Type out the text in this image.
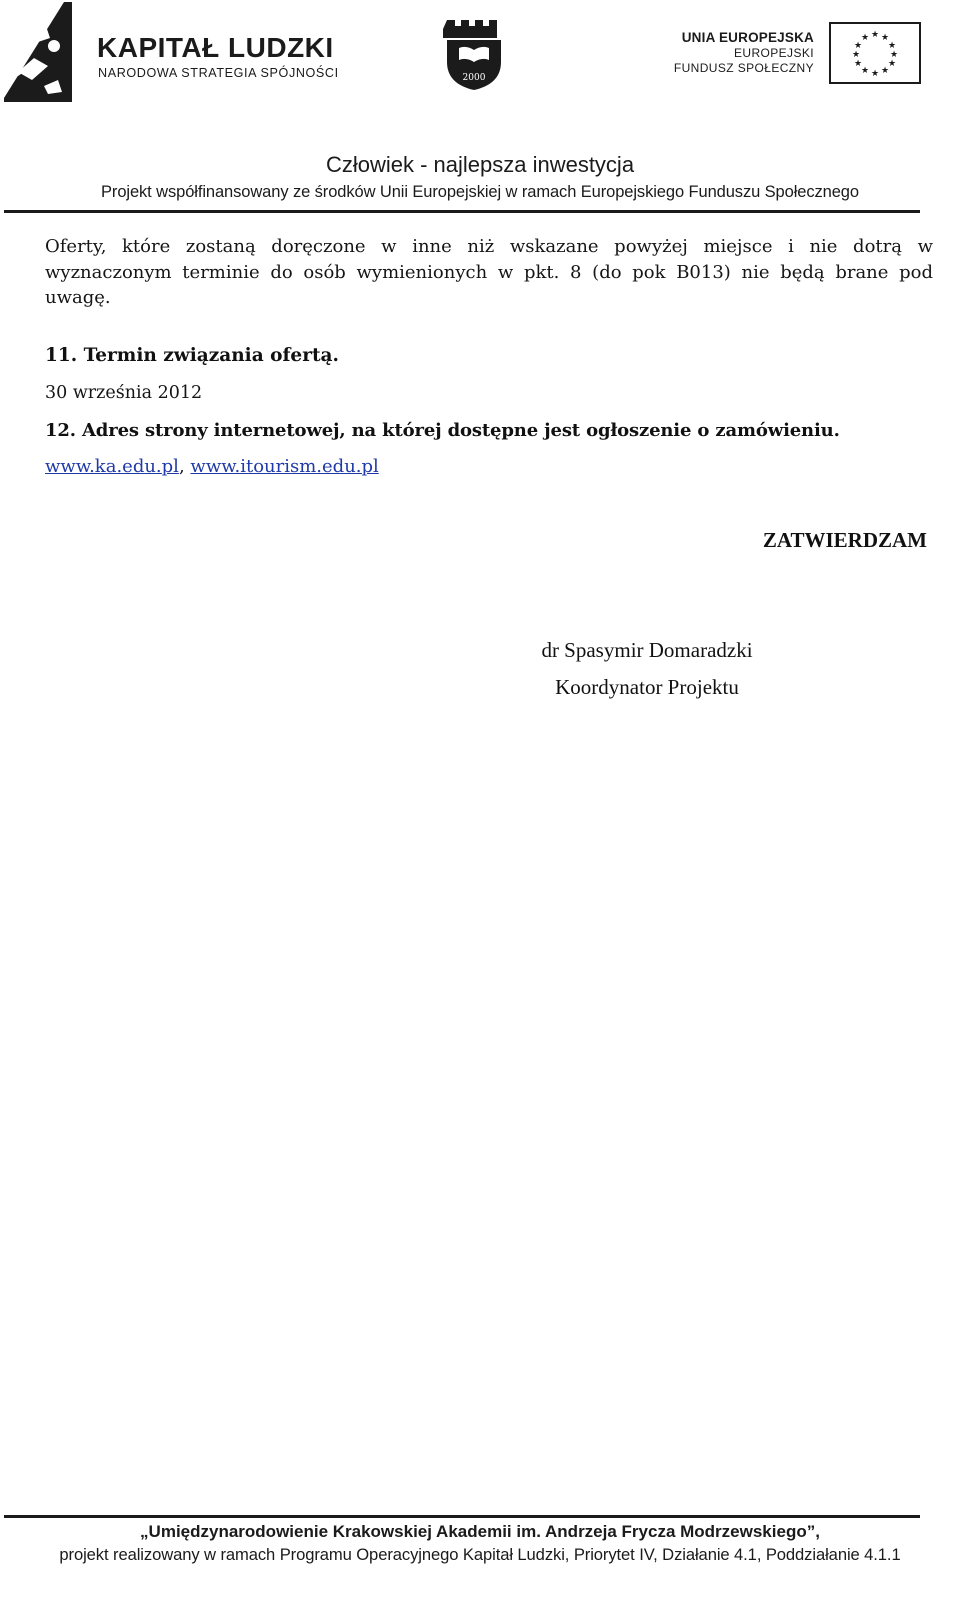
KAPITAŁ LUDZKI
NARODOWA STRATEGIA SPÓJNOŚCI	2000
UNIA EUROPEJSKA
EUROPEJSKI
FUNDUSZ SPOŁECZNY
★ ★
★
★
★
★
★
★
★
★
★
★
Człowiek - najlepsza inwestycja
Projekt współfinansowany ze środków Unii Europejskiej w ramach Europejskiego Funduszu Społecznego
Oferty, które zostaną doręczone w inne niż wskazane powyżej miejsce i nie dotrą w wyznaczonym terminie do osób wymienionych w pkt. 8 (do pok B013) nie będą brane pod uwagę.
11. Termin związania ofertą.
30 września 2012
12. Adres strony internetowej, na której dostępne jest ogłoszenie o zamówieniu.
www.ka.edu.pl, www.itourism.edu.pl
ZATWIERDZAM
dr Spasymir Domaradzki
Koordynator Projektu
„Umiędzynarodowienie Krakowskiej Akademii im. Andrzeja Frycza Modrzewskiego”,
projekt realizowany w ramach Programu Operacyjnego Kapitał Ludzki, Priorytet IV, Działanie 4.1, Poddziałanie 4.1.1
